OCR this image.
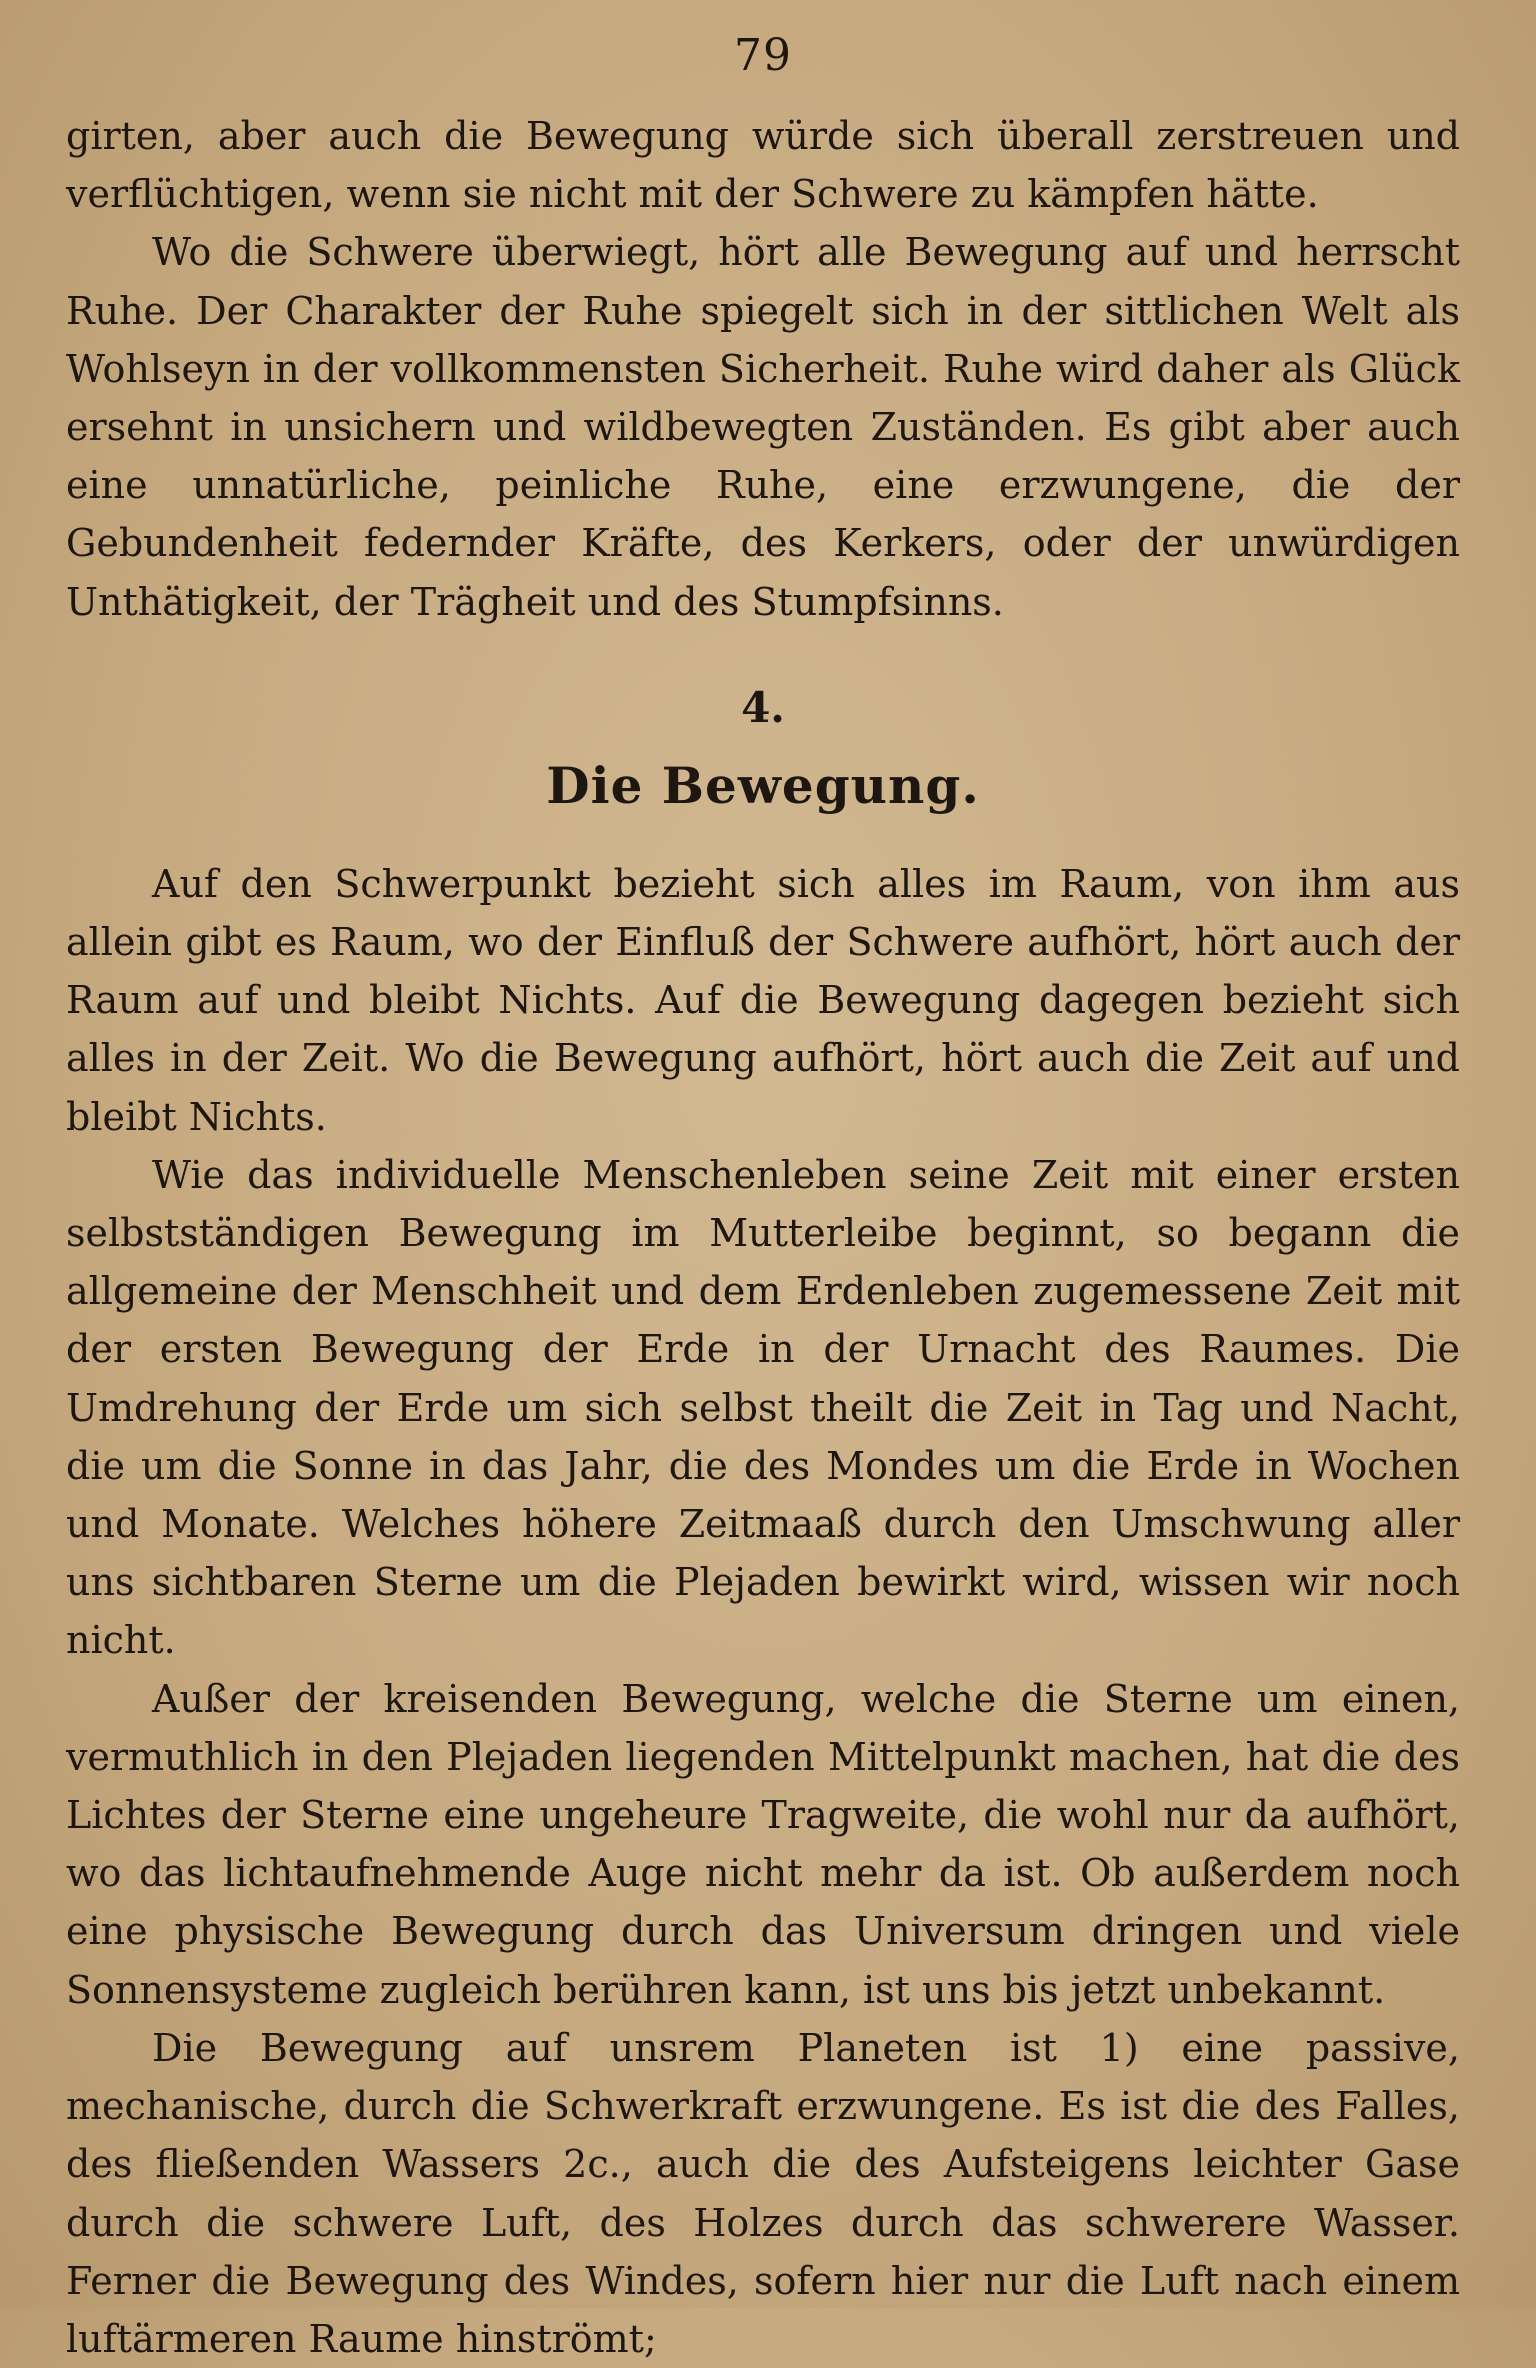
79

girten, aber auch die Bewegung würde sich überall zerstreuen und verflüchtigen, wenn sie nicht mit der Schwere zu kämpfen hätte.

Wo die Schwere überwiegt, hört alle Bewegung auf und herrscht Ruhe. Der Charakter der Ruhe spiegelt sich in der sittlichen Welt als Wohlseyn in der vollkommensten Sicherheit. Ruhe wird daher als Glück ersehnt in unsichern und wildbewegten Zuständen. Es gibt aber auch eine unnatürliche, peinliche Ruhe, eine erzwungene, die der Gebundenheit federnder Kräfte, des Kerkers, oder der unwürdigen Unthätigkeit, der Trägheit und des Stumpfsinns.

4.
Die Bewegung.

Auf den Schwerpunkt bezieht sich alles im Raum, von ihm aus allein gibt es Raum, wo der Einfluß der Schwere aufhört, hört auch der Raum auf und bleibt Nichts. Auf die Bewegung dagegen bezieht sich alles in der Zeit. Wo die Bewegung aufhört, hört auch die Zeit auf und bleibt Nichts.

Wie das individuelle Menschenleben seine Zeit mit einer ersten selbstständigen Bewegung im Mutterleibe beginnt, so begann die allgemeine der Menschheit und dem Erdenleben zugemessene Zeit mit der ersten Bewegung der Erde in der Urnacht des Raumes. Die Umdrehung der Erde um sich selbst theilt die Zeit in Tag und Nacht, die um die Sonne in das Jahr, die des Mondes um die Erde in Wochen und Monate. Welches höhere Zeitmaaß durch den Umschwung aller uns sichtbaren Sterne um die Plejaden bewirkt wird, wissen wir noch nicht.

Außer der kreisenden Bewegung, welche die Sterne um einen, vermuthlich in den Plejaden liegenden Mittelpunkt machen, hat die des Lichtes der Sterne eine ungeheure Tragweite, die wohl nur da aufhört, wo das lichtaufnehmende Auge nicht mehr da ist. Ob außerdem noch eine physische Bewegung durch das Universum dringen und viele Sonnensysteme zugleich berühren kann, ist uns bis jetzt unbekannt.

Die Bewegung auf unsrem Planeten ist 1) eine passive, mechanische, durch die Schwerkraft erzwungene. Es ist die des Falles, des fließenden Wassers 2c., auch die des Aufsteigens leichter Gase durch die schwere Luft, des Holzes durch das schwerere Wasser. Ferner die Bewegung des Windes, sofern hier nur die Luft nach einem luftärmeren Raume hinströmt;
